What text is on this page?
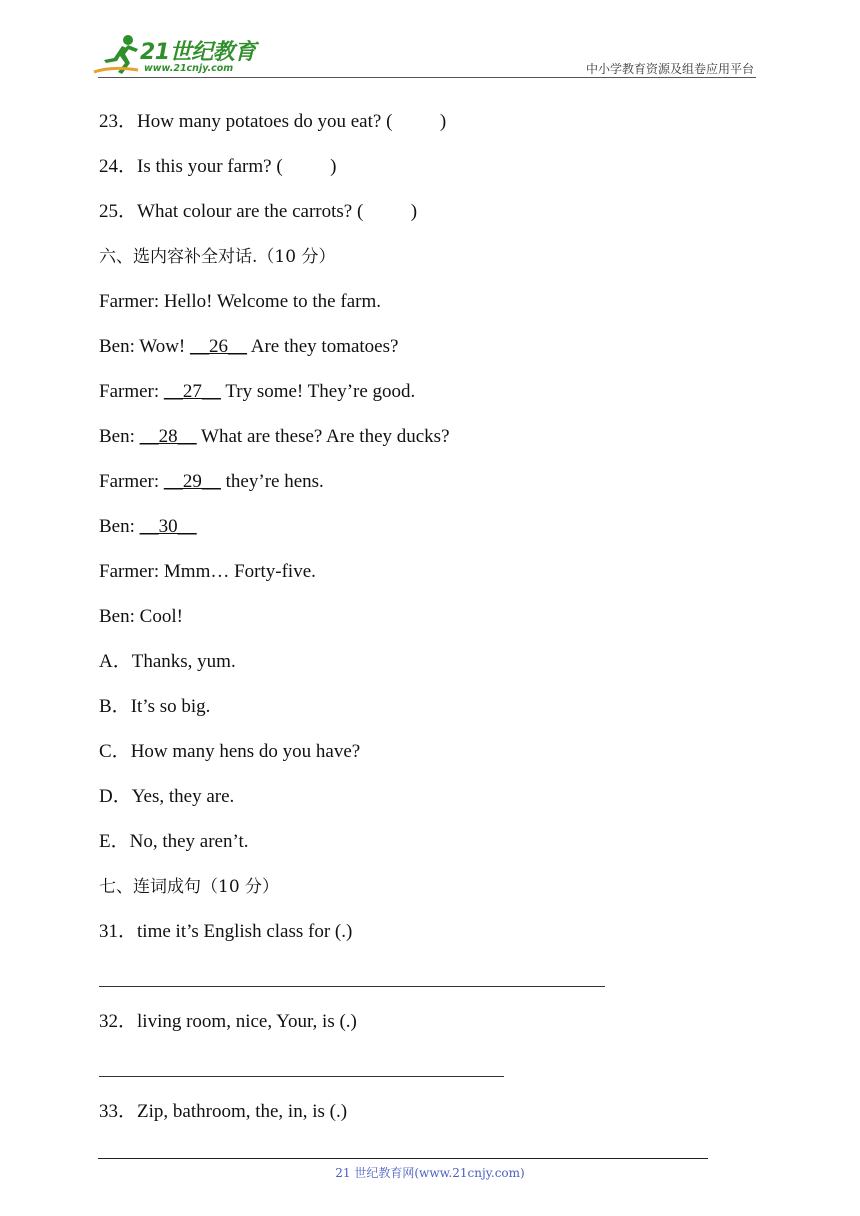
21世纪教育
www.21cnjy.com	中小学教育资源及组卷应用平台
23．How many potatoes do you eat? (          )
24．Is this your farm? (          )
25．What colour are the carrots? (          )
六、选内容补全对话.（10 分）
Farmer: Hello! Welcome to the farm.
Ben: Wow! __26__ Are they tomatoes?
Farmer: __27__ Try some! They’re good.
Ben: __28__ What are these? Are they ducks?
Farmer: __29__ they’re hens.
Ben: __30__
Farmer: Mmm… Forty-five.
Ben: Cool!
A．Thanks, yum.
B．It’s so big.
C．How many hens do you have?
D．Yes, they are.
E．No, they aren’t.
七、连词成句（10 分）
31．time it’s English class for (.)
32．living room, nice, Your, is (.)
33．Zip, bathroom, the, in, is (.)
21 世纪教育网(www.21cnjy.com)
